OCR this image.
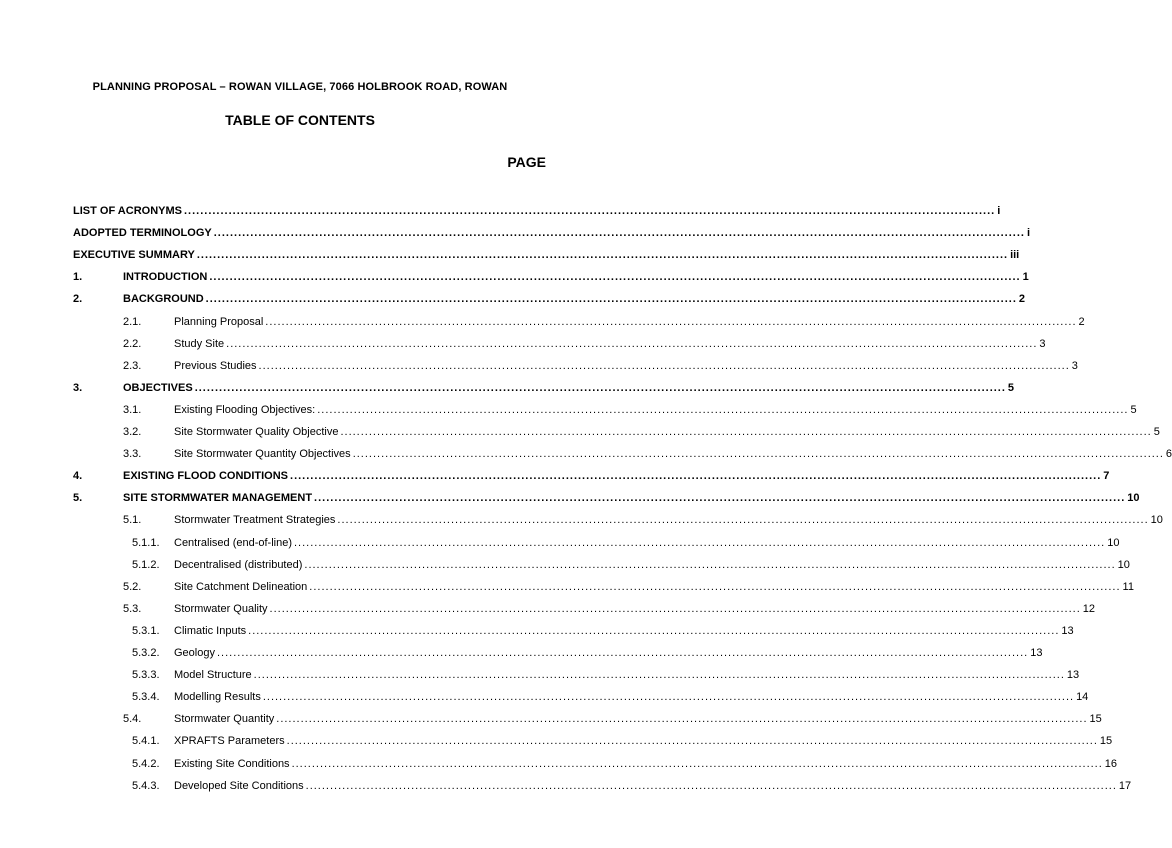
PLANNING PROPOSAL – ROWAN VILLAGE, 7066 HOLBROOK ROAD, ROWAN
TABLE OF CONTENTS
PAGE
LIST OF ACRONYMS ........................................................................................................................................................................................................ i
ADOPTED TERMINOLOGY ........................................................................................................................................................................................................ i
EXECUTIVE SUMMARY ........................................................................................................................................................................................................ iii
1.	INTRODUCTION ........................................................................................................................................................................................................ 1
2.	BACKGROUND ........................................................................................................................................................................................................ 2
2.1.	Planning Proposal ........................................................................................................................................................................................................ 2
2.2.	Study Site ........................................................................................................................................................................................................ 3
2.3.	Previous Studies ........................................................................................................................................................................................................ 3
3.	OBJECTIVES ........................................................................................................................................................................................................ 5
3.1.	Existing Flooding Objectives: ........................................................................................................................................................................................................ 5
3.2.	Site Stormwater Quality Objective ........................................................................................................................................................................................................ 5
3.3.	Site Stormwater Quantity Objectives ........................................................................................................................................................................................................ 6
4.	EXISTING FLOOD CONDITIONS ........................................................................................................................................................................................................ 7
5.	SITE STORMWATER MANAGEMENT ........................................................................................................................................................................................................ 10
5.1.	Stormwater Treatment Strategies ........................................................................................................................................................................................................ 10
5.1.1. Centralised (end-of-line) ........................................................................................................................................................................................................ 10
5.1.2. Decentralised (distributed) ........................................................................................................................................................................................................ 10
5.2.	Site Catchment Delineation ........................................................................................................................................................................................................ 11
5.3.	Stormwater Quality ........................................................................................................................................................................................................ 12
5.3.1. Climatic Inputs ........................................................................................................................................................................................................ 13
5.3.2. Geology ........................................................................................................................................................................................................ 13
5.3.3. Model Structure ........................................................................................................................................................................................................ 13
5.3.4. Modelling Results ........................................................................................................................................................................................................ 14
5.4.	Stormwater Quantity ........................................................................................................................................................................................................ 15
5.4.1. XPRAFTS Parameters ........................................................................................................................................................................................................ 15
5.4.2. Existing Site Conditions ........................................................................................................................................................................................................ 16
5.4.3. Developed Site Conditions ........................................................................................................................................................................................................ 17
